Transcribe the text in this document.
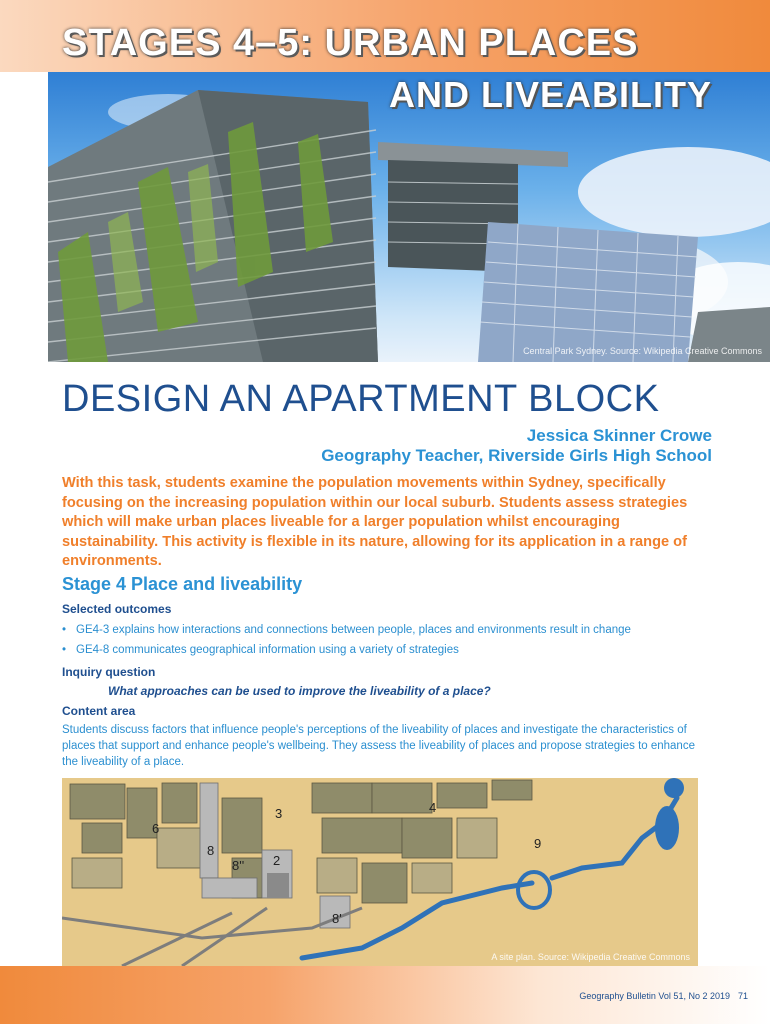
Central Park Sydney. Source: Wikipedia Creative Commons
STAGES 4–5: URBAN PLACES
AND LIVEABILITY
DESIGN AN APARTMENT BLOCK
Jessica Skinner Crowe
Geography Teacher, Riverside Girls High School

With this task, students examine the population movements within Sydney, specifically focusing on the increasing population within our local suburb. Students assess strategies which will make urban places liveable for a larger population whilst encouraging sustainability. This activity is flexible in its nature, allowing for its application in a range of environments.

Stage 4 Place and liveability
Selected outcomes
• GE4-3 explains how interactions and connections between people, places and environments result in change
• GE4-8 communicates geographical information using a variety of strategies
Inquiry question

What approaches can be used to improve the liveability of a place?

Content area

Students discuss factors that influence people's perceptions of the liveability of places and investigate the characteristics of places that support and enhance people's wellbeing. They assess the liveability of places and propose strategies to enhance the liveability of a place.

6
3	4
8
8'' 2
9
8'
A site plan. Source: Wikipedia Creative Commons
Geography Bulletin Vol 51, No 2 2019 71
